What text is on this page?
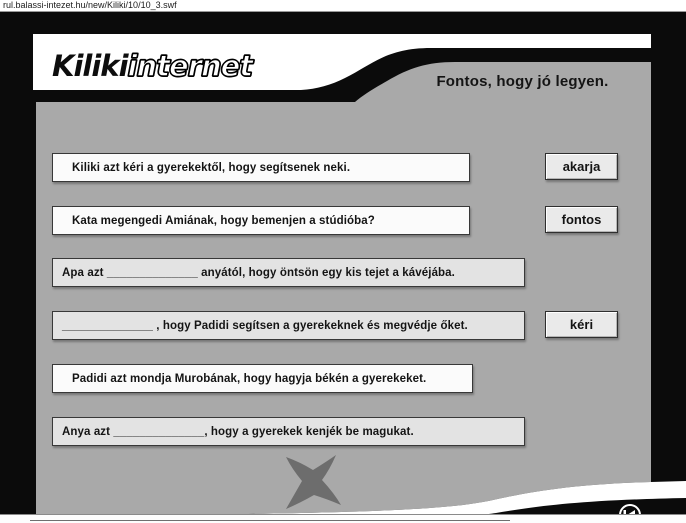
rul.balassi-intezet.hu/new/Kiliki/10/10_3.swf
Kilikiinternet	Fontos, hogy jó legyen.
Kiliki azt kéri a gyerekektől, hogy segítsenek neki.
Kata megengedi Amiának, hogy bemenjen a stúdióba?
Apa azt ______________ anyától, hogy öntsön egy kis tejet a kávéjába.
______________ , hogy Padidi segítsen a gyerekeknek és megvédje őket.
Padidi azt mondja Murobának, hogy hagyja békén a gyerekeket.
Anya azt ______________, hogy a gyerekek kenjék be magukat.
akarja
fontos
kéri
